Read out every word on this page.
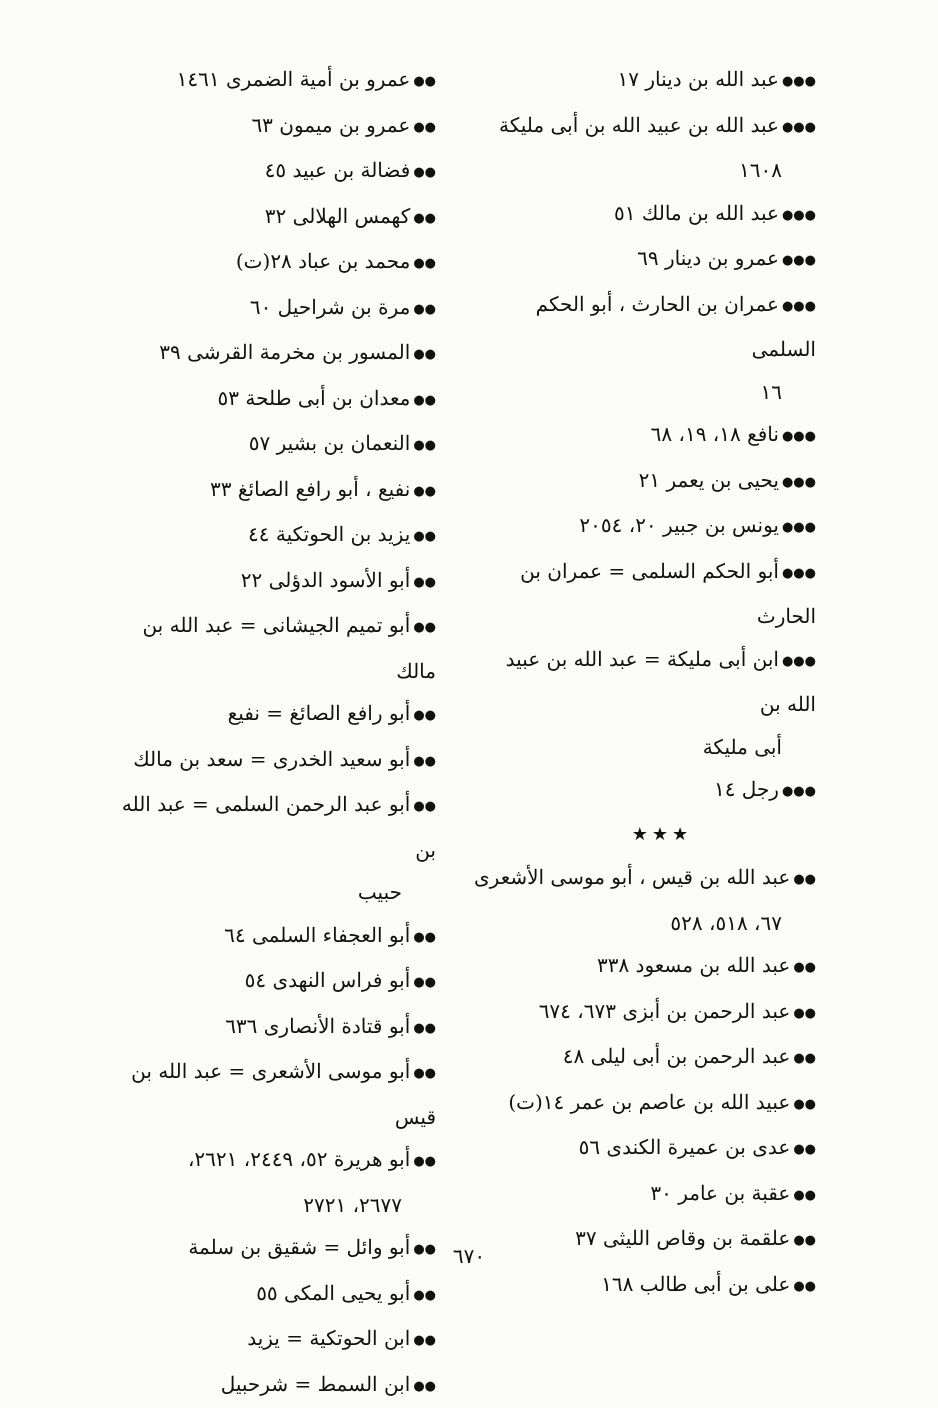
●●●عبد الله بن دينار ١٧
●●●عبد الله بن عبيد الله بن أبى مليكة
١٦٠٨
●●●عبد الله بن مالك ٥١
●●●عمرو بن دينار ٦٩
●●●عمران بن الحارث ، أبو الحكم السلمى
١٦
●●●نافع ١٨، ١٩، ٦٨
●●●يحيى بن يعمر ٢١
●●●يونس بن جبير ٢٠، ٢٠٥٤
●●●أبو الحكم السلمى = عمران بن الحارث
●●●ابن أبى مليكة = عبد الله بن عبيد الله بن
أبى مليكة
●●●رجل ١٤
★★★
●●عبد الله بن قيس ، أبو موسى الأشعرى
٦٧، ٥١٨، ٥٢٨
●●عبد الله بن مسعود ٣٣٨
●●عبد الرحمن بن أبزى ٦٧٣، ٦٧٤
●●عبد الرحمن بن أبى ليلى ٤٨
●●عبيد الله بن عاصم بن عمر ١٤(ت)
●●عدى بن عميرة الكندى ٥٦
●●عقبة بن عامر ٣٠
●●علقمة بن وقاص الليثى ٣٧
●●على بن أبى طالب ١٦٨
●●عمرو بن أمية الضمرى ١٤٦١
●●عمرو بن ميمون ٦٣
●●فضالة بن عبيد ٤٥
●●كهمس الهلالى ٣٢
●●محمد بن عباد ٢٨(ت)
●●مرة بن شراحيل ٦٠
●●المسور بن مخرمة القرشى ٣٩
●●معدان بن أبى طلحة ٥٣
●●النعمان بن بشير ٥٧
●●نفيع ، أبو رافع الصائغ ٣٣
●●يزيد بن الحوتكية ٤٤
●●أبو الأسود الدؤلى ٢٢
●●أبو تميم الجيشانى = عبد الله بن مالك
●●أبو رافع الصائغ = نفيع
●●أبو سعيد الخدرى = سعد بن مالك
●●أبو عبد الرحمن السلمى = عبد الله بن
حبيب
●●أبو العجفاء السلمى ٦٤
●●أبو فراس النهدى ٥٤
●●أبو قتادة الأنصارى ٦٣٦
●●أبو موسى الأشعرى = عبد الله بن قيس
●●أبو هريرة ٥٢، ٢٤٤٩، ٢٦٢١،
٢٦٧٧، ٢٧٢١
●●أبو وائل = شقيق بن سلمة
●●أبو يحيى المكى ٥٥
●●ابن الحوتكية = يزيد
●●ابن السمط = شرحبيل
٦٧٠
